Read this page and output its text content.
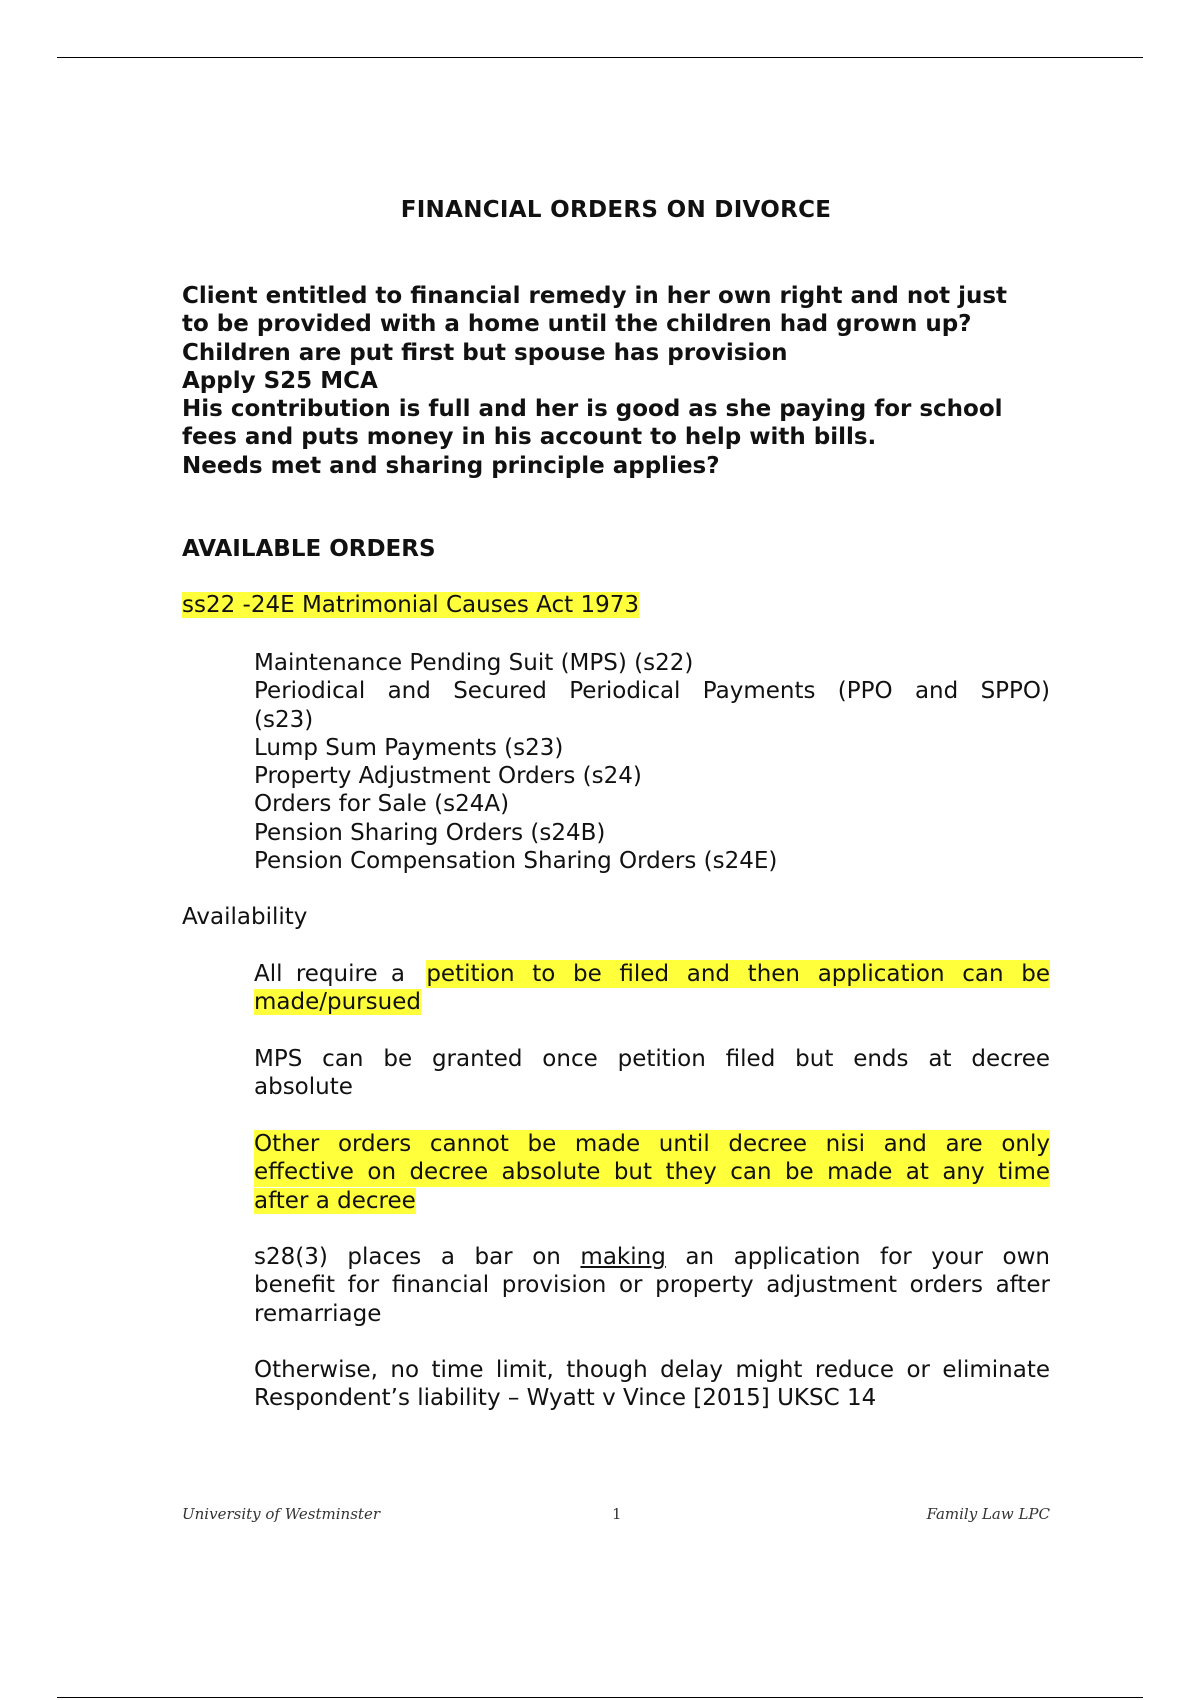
FINANCIAL ORDERS ON DIVORCE
Client entitled to financial remedy in her own right and not just
to be provided with a home until the children had grown up?
Children are put first but spouse has provision
Apply S25 MCA
His contribution is full and her is good as she paying for school
fees and puts money in his account to help with bills.
Needs met and sharing principle applies?
AVAILABLE ORDERS
ss22 -24E Matrimonial Causes Act 1973
Maintenance Pending Suit (MPS) (s22)
Periodical and Secured Periodical Payments (PPO and SPPO)
(s23)
Lump Sum Payments (s23)
Property Adjustment Orders (s24)
Orders for Sale (s24A)
Pension Sharing Orders (s24B)
Pension Compensation Sharing Orders (s24E)
Availability
All require a petition to be filed and then application can be
made/pursued
MPS can be granted once petition filed but ends at decree
absolute
Other orders cannot be made until decree nisi and are only
effective on decree absolute but they can be made at any time
after a decree
s28(3) places a bar on making an application for your own
benefit for financial provision or property adjustment orders after
remarriage
Otherwise, no time limit, though delay might reduce or eliminate
Respondent’s liability – Wyatt v Vince [2015] UKSC 14
University of Westminster	1	Family Law LPC
